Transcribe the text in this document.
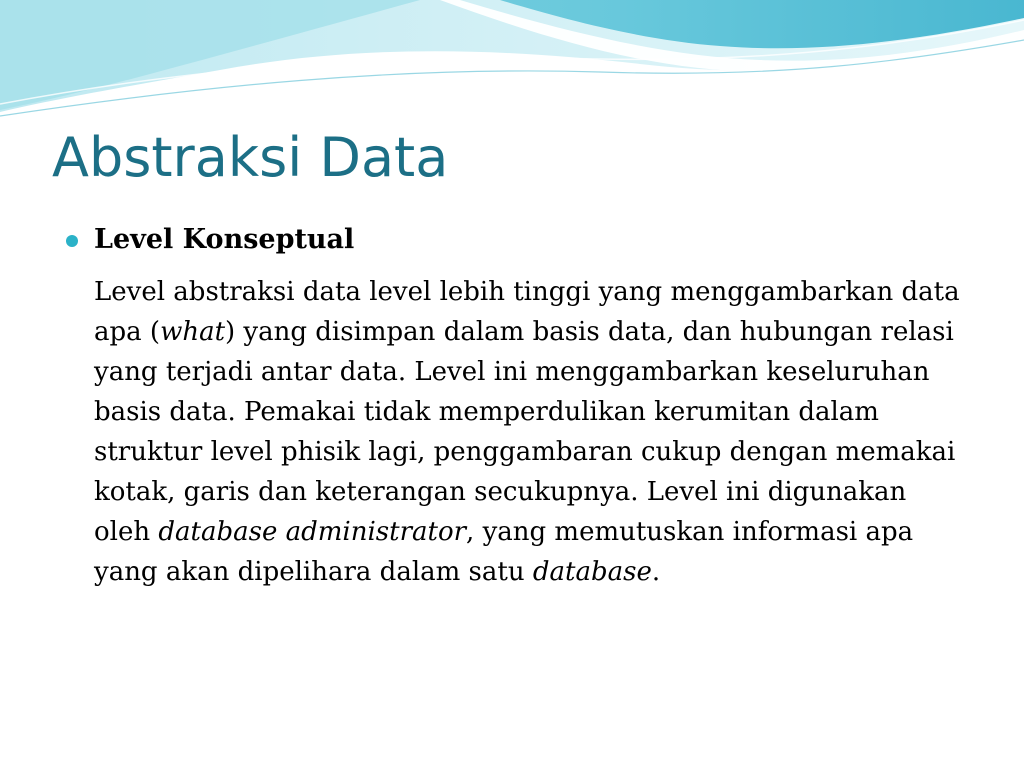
Abstraksi Data
Level Konseptual
Level abstraksi data level lebih tinggi yang menggambarkan data apa (what) yang disimpan dalam basis data, dan hubungan relasi yang terjadi antar data. Level ini menggambarkan keseluruhan basis data. Pemakai tidak memperdulikan kerumitan dalam struktur level phisik lagi, penggambaran cukup dengan memakai kotak, garis dan keterangan secukupnya. Level ini digunakan oleh database administrator, yang memutuskan informasi apa yang akan dipelihara dalam satu database.
